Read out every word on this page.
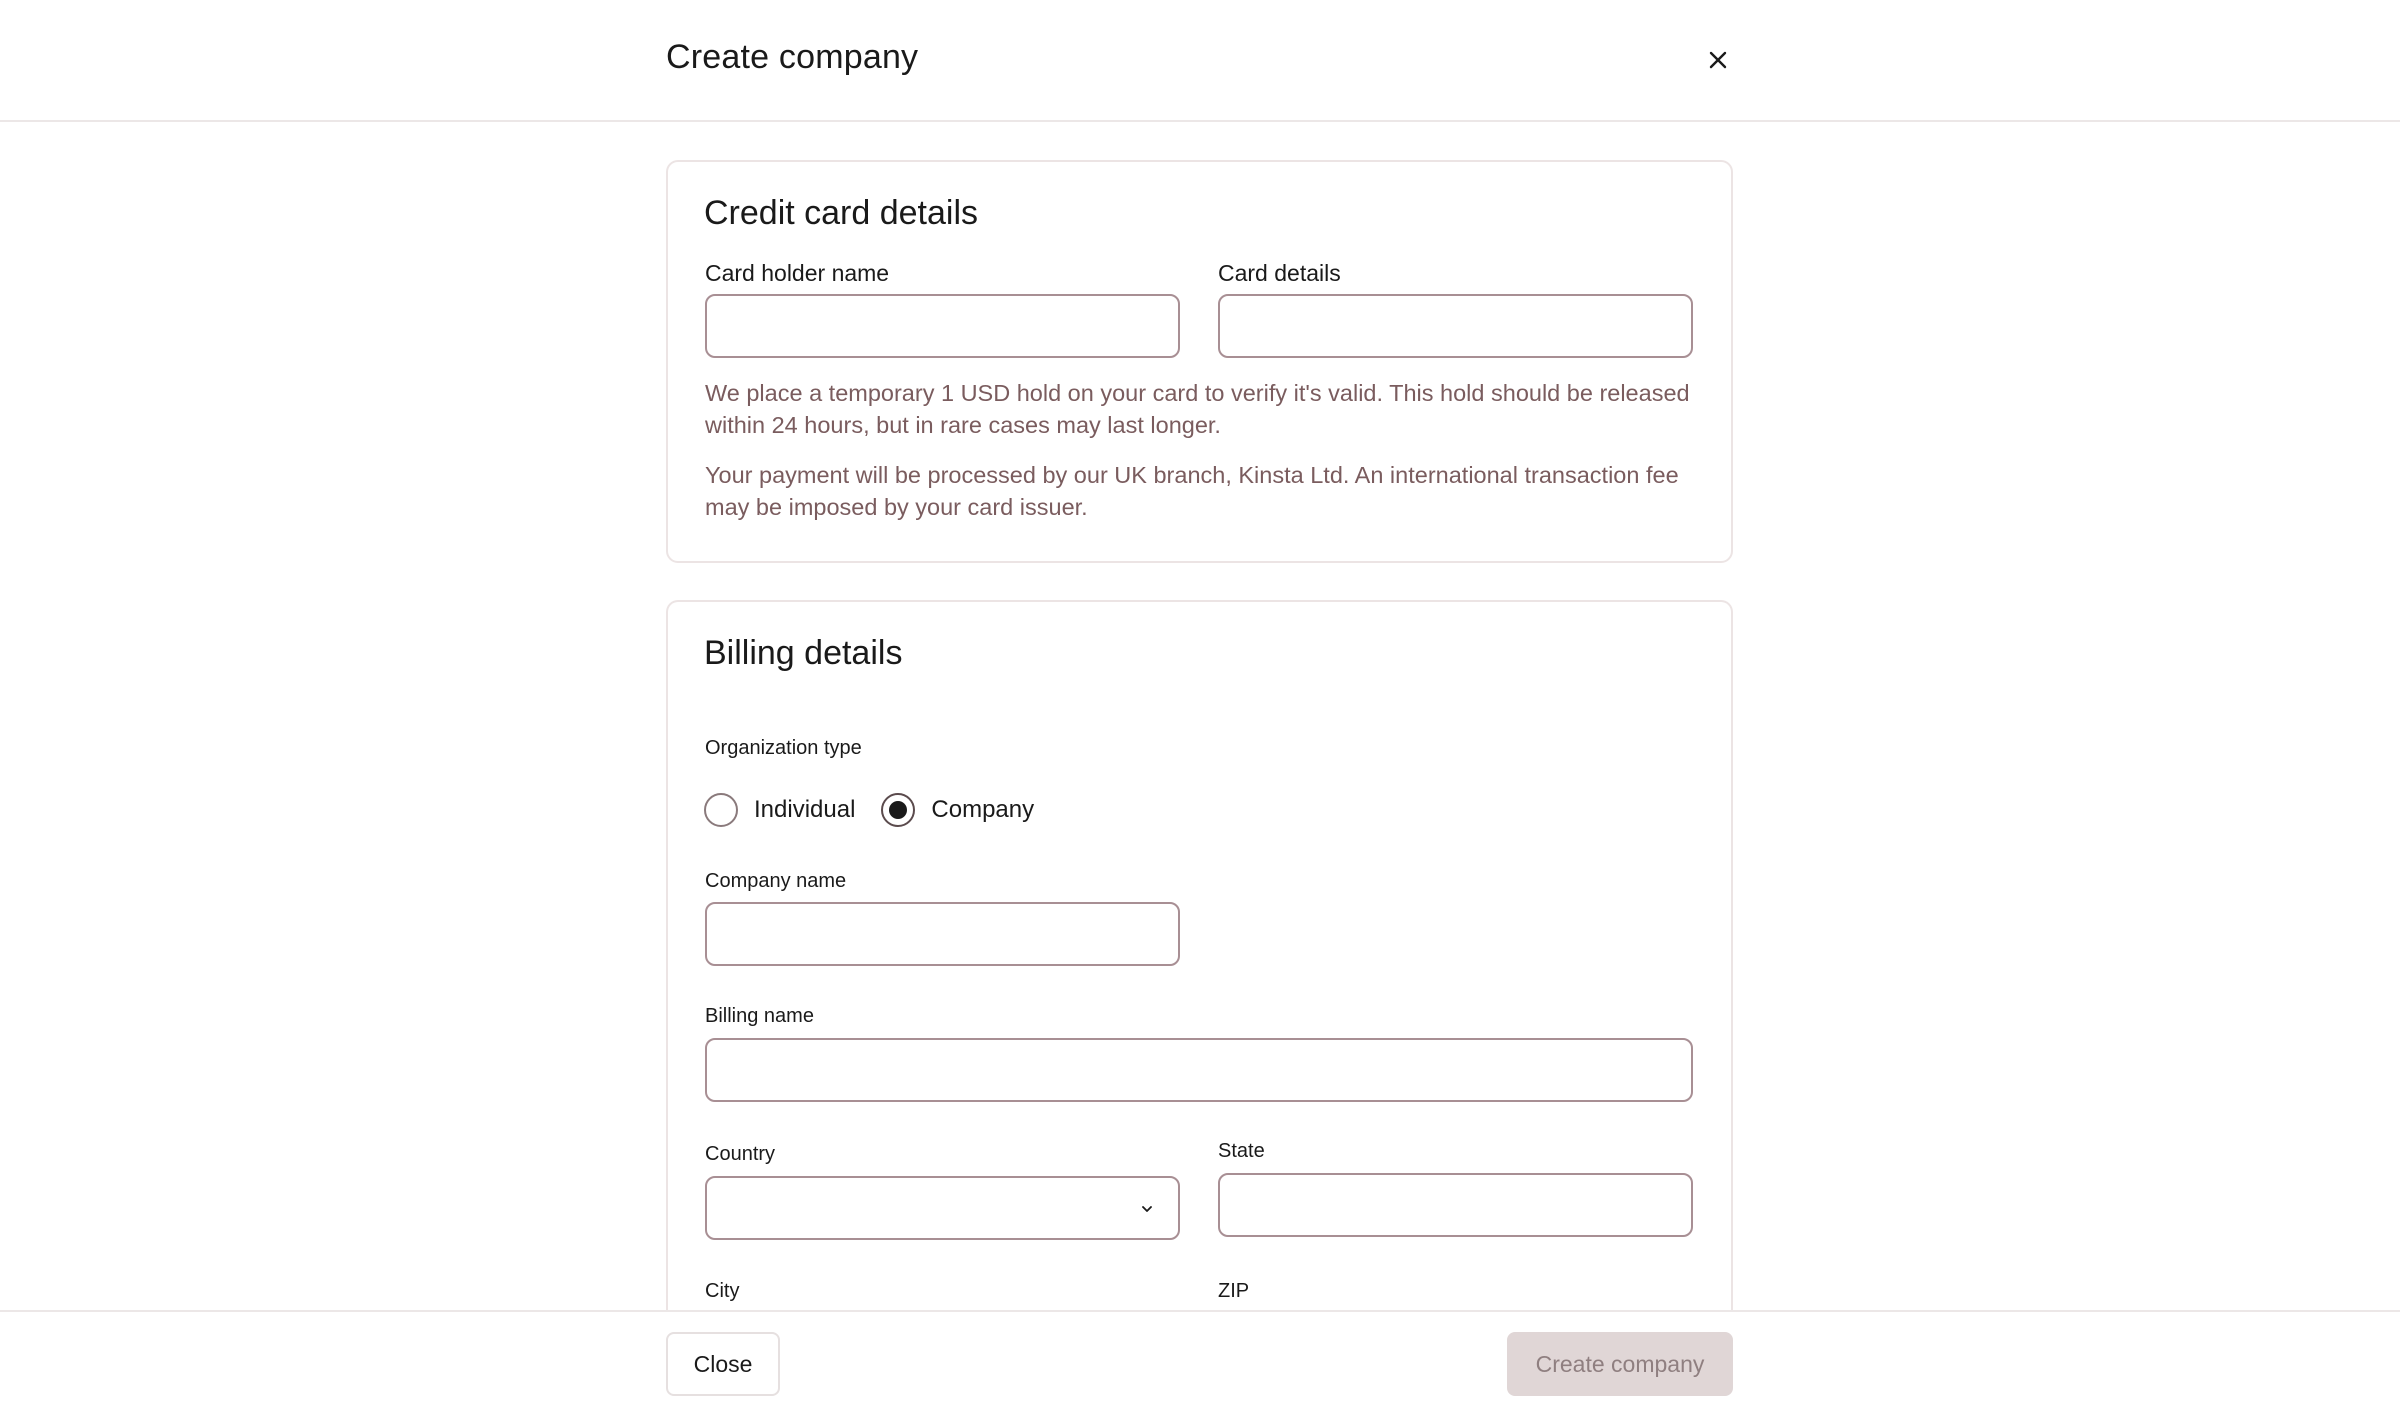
Create company
Credit card details
Card holder name	Card details
We place a temporary 1 USD hold on your card to verify it's valid. This hold should be released within 24 hours, but in rare cases may last longer.
Your payment will be processed by our UK branch, Kinsta Ltd. An international transaction fee may be imposed by your card issuer.
Billing details
Organization type
Individual	Company
Company name
Billing name
Country	State
City	ZIP
Close	Create company
